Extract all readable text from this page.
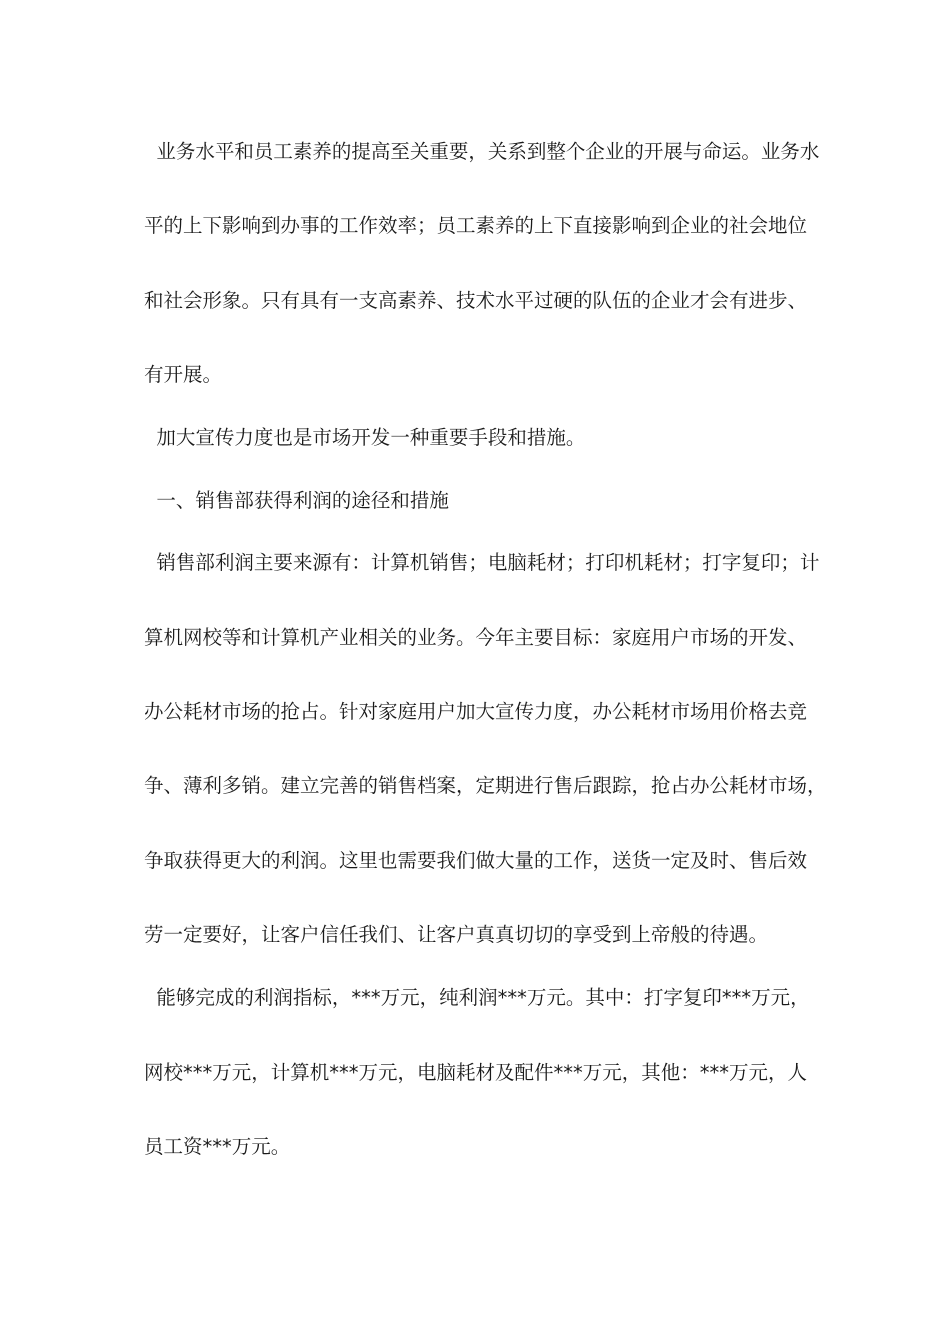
业务水平和员工素养的提高至关重要，关系到整个企业的开展与命运。业务水
平的上下影响到办事的工作效率；员工素养的上下直接影响到企业的社会地位
和社会形象。只有具有一支高素养、技术水平过硬的队伍的企业才会有进步、
有开展。
加大宣传力度也是市场开发一种重要手段和措施。
一、销售部获得利润的途径和措施
销售部利润主要来源有：计算机销售；电脑耗材；打印机耗材；打字复印；计
算机网校等和计算机产业相关的业务。今年主要目标：家庭用户市场的开发、
办公耗材市场的抢占。针对家庭用户加大宣传力度，办公耗材市场用价格去竞
争、薄利多销。建立完善的销售档案，定期进行售后跟踪，抢占办公耗材市场，
争取获得更大的利润。这里也需要我们做大量的工作，送货一定及时、售后效
劳一定要好，让客户信任我们、让客户真真切切的享受到上帝般的待遇。
能够完成的利润指标，***万元，纯利润***万元。其中：打字复印***万元，
网校***万元，计算机***万元，电脑耗材及配件***万元，其他：***万元，人
员工资***万元。
